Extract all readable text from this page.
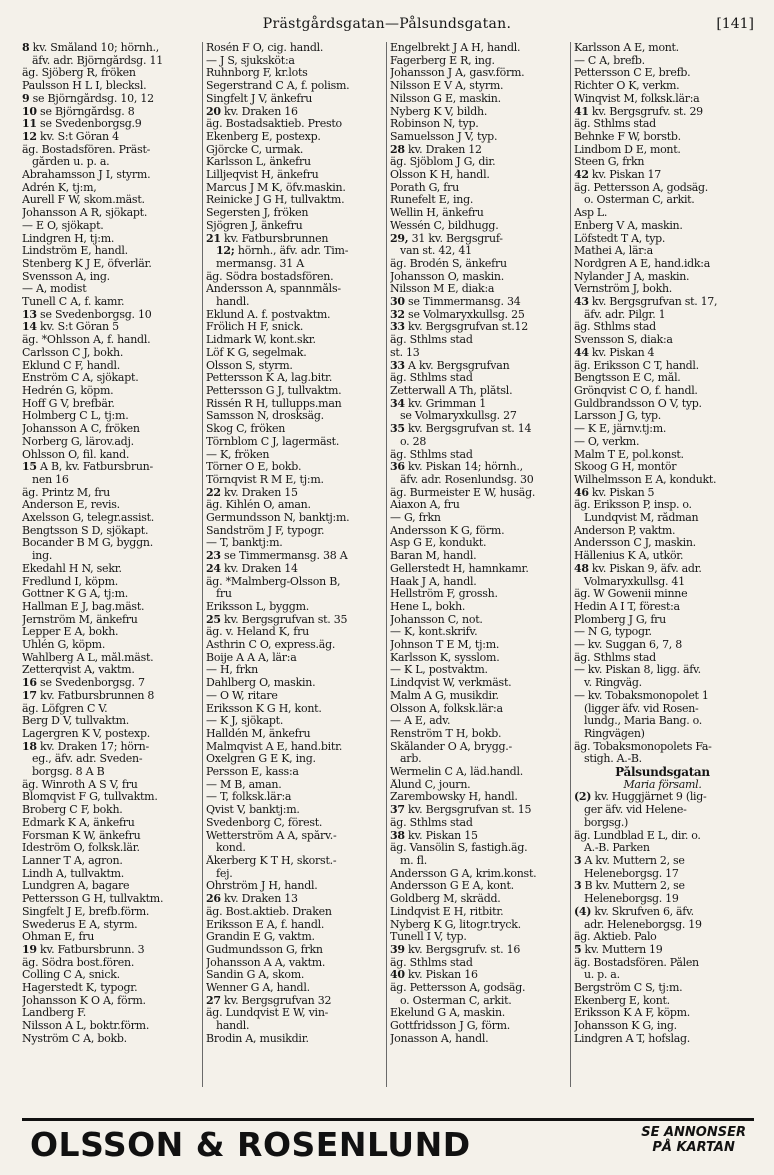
Prästgårdsgatan—Pålsundsgatan.	[141]
8 kv. Småland 10; hörnh.,
äfv. adr. Björngårdsg. 11
äg. Sjöberg R, fröken
Paulsson H L I, blecksl.
9 se Björngårdsg. 10, 12
10 se Björngårdsg. 8
11 se Svedenborgsg.9
12 kv. S:t Göran 4
äg. Bostadsfören. Präst-
gården u. p. a.
Abrahamsson J I, styrm.
Adrén K, tj:m,
Aurell F W, skom.mäst.
Johansson A R, sjökapt.
— E O, sjökapt.
Lindgren H, tj:m.
Lindström E, handl.
Stenberg K J E, öfverlär.
Svensson A, ing.
— A, modist
Tunell C A, f. kamr.
13 se Svedenborgsg. 10
14 kv. S:t Göran 5
äg. *Ohlsson A, f. handl.
Carlsson C J, bokh.
Eklund C F, handl.
Enström C A, sjökapt.
Hedrén G, köpm.
Hoff G V, brefbär.
Holmberg C L, tj:m.
Johansson A C, fröken
Norberg G, lärov.adj.
Ohlsson O, fil. kand.
15 A B, kv. Fatbursbrun-
nen 16
äg. Printz M, fru
Anderson E, revis.
Axelsson G, telegr.assist.
Bengtsson S D, sjökapt.
Bocander B M G, byggn.
ing.
Ekedahl H N, sekr.
Fredlund I, köpm.
Gottner K G A, tj:m.
Hallman E J, bag.mäst.
Jernström M, änkefru
Lepper E A, bokh.
Uhlén G, köpm.
Wahlberg A L, mål.mäst.
Zetterqvist A, vaktm.
16 se Svedenborgsg. 7
17 kv. Fatbursbrunnen 8
äg. Löfgren C V.
Berg D V, tullvaktm.
Lagergren K V, postexp.
18 kv. Draken 17; hörn-
eg., äfv. adr. Sveden-
borgsg. 8 A B
äg. Winroth A S V, fru
Blomqvist F G, tullvaktm.
Broberg C F, bokh.
Edmark K A, änkefru
Forsman K W, änkefru
Ideström O, folksk.lär.
Lanner T A, agron.
Lindh A, tullvaktm.
Lundgren A, bagare
Pettersson G H, tullvaktm.
Singfelt J E, brefb.förm.
Swederus E A, styrm.
Öhman E, fru
19 kv. Fatbursbrunn. 3
äg. Södra bost.fören.
Colling C A, snick.
Hagerstedt K, typogr.
Johansson K O A, förm.
Landberg F.
Nilsson A L, boktr.förm.
Nyström C A, bokb.
Rosén F O, cig. handl.
— J S, sjuksköt:a
Ruhnborg F, kr.lots
Segerstrand C A, f. polism.
Singfelt J V, änkefru
20 kv. Draken 16
äg. Bostadsaktieb. Presto
Ekenberg E, postexp.
Gjörcke C, urmak.
Karlsson L, änkefru
Lilljeqvist H, änkefru
Marcus J M K, öfv.maskin.
Reinicke J G H, tullvaktm.
Segersten J, fröken
Sjögren J, änkefru
21 kv. Fatbursbrunnen
12; hörnh., äfv. adr. Tim-
mermansg. 31 A
äg. Södra bostadsfören.
Andersson A, spannmåls-
handl.
Eklund A. f. postvaktm.
Frölich H F, snick.
Lidmark W, kont.skr.
Löf K G, segelmak.
Olsson S, styrm.
Pettersson K A, lag.bitr.
Pettersson G J, tullvaktm.
Rissén R H, tullupps.man
Samsson N, drosksäg.
Skog C, fröken
Törnblom C J, lagermäst.
— K, fröken
Törner O E, bokb.
Törnqvist R M E, tj:m.
22 kv. Draken 15
äg. Kihlén O, aman.
Germundsson N, banktj:m.
Sandström J F, typogr.
— T, banktj:m.
23 se Timmermansg. 38 A
24 kv. Draken 14
äg. *Malmberg-Olsson B,
fru
Eriksson L, byggm.
25 kv. Bergsgrufvan st. 35
äg. v. Heland K, fru
Asthrin C O, express.äg.
Boije A A A, lär:a
— H, frkn
Dahlberg O, maskin.
— O W, ritare
Eriksson K G H, kont.
— K J, sjökapt.
Halldén M, änkefru
Malmqvist A E, hand.bitr.
Oxelgren G E K, ing.
Persson E, kass:a
— M B, aman.
— T, folksk.lär:a
Qvist V, banktj:m.
Svedenborg C, förest.
Wetterström A A, spårv.-
kond.
Åkerberg K T H, skorst.-
fej.
Öhrström J H, handl.
26 kv. Draken 13
äg. Bost.aktieb. Draken
Eriksson E A, f. handl.
Grandin E G, vaktm.
Gudmundsson G, frkn
Johansson A A, vaktm.
Sandin G A, skom.
Wenner G A, handl.
27 kv. Bergsgrufvan 32
äg. Lundqvist E W, vin-
handl.
Brodin A, musikdir.
Engelbrekt J A H, handl.
Fagerberg E R, ing.
Johansson J A, gasv.förm.
Nilsson E V A, styrm.
Nilsson G E, maskin.
Nyberg K V, bildh.
Robinson N, typ.
Samuelsson J V, typ.
28 kv. Draken 12
äg. Sjöblom J G, dir.
Olsson K H, handl.
Porath G, fru
Runefelt E, ing.
Wellin H, änkefru
Wessén C, bildhugg.
29, 31 kv. Bergsgruf-
van st. 42, 41
äg. Brodén S, änkefru
Johansson O, maskin.
Nilsson M E, diak:a
30 se Timmermansg. 34
32 se Volmaryxkullsg. 25
33 kv. Bergsgrufvan st.12
äg. Sthlms stad
st. 13
33 A kv. Bergsgrufvan
äg. Sthlms stad
Zetterwall A Th, plåtsl.
34 kv. Grimman 1
se Volmaryxkullsg. 27
35 kv. Bergsgrufvan st. 14
o. 28
äg. Sthlms stad
36 kv. Piskan 14; hörnh.,
äfv. adr. Rosenlundsg. 30
äg. Burmeister E W, husäg.
Aiaxon A, fru
— G, frkn
Andersson K G, förm.
Asp G E, kondukt.
Baran M, handl.
Gellerstedt H, hamnkamr.
Haak J A, handl.
Hellström F, grossh.
Hene L, bokh.
Johansson C, not.
— K, kont.skrifv.
Johnson T E M, tj:m.
Karlsson K, sysslom.
— K L, postvaktm.
Lindqvist W, verkmäst.
Malm A G, musikdir.
Olsson A, folksk.lär:a
— A E, adv.
Renström T H, bokb.
Skålander O A, brygg.-
arb.
Wermelin C A, läd.handl.
Ålund C, journ.
Zarembowsky H, handl.
37 kv. Bergsgrufvan st. 15
äg. Sthlms stad
38 kv. Piskan 15
äg. Vansölin S, fastigh.äg.
m. fl.
Andersson G A, krim.konst.
Andersson G E A, kont.
Goldberg M, skrädd.
Lindqvist E H, ritbitr.
Nyberg K G, litogr.tryck.
Tunell I V, typ.
39 kv. Bergsgrufv. st. 16
äg. Sthlms stad
40 kv. Piskan 16
äg. Pettersson A, godsäg.
o. Österman C, arkit.
Ekelund G A, maskin.
Gottfridsson J G, förm.
Jonasson A, handl.
Karlsson A E, mont.
— C A, brefb.
Pettersson C E, brefb.
Richter O K, verkm.
Winqvist M, folksk.lär:a
41 kv. Bergsgrufv. st. 29
äg. Sthlms stad
Behnke F W, borstb.
Lindbom D E, mont.
Steen G, frkn
42 kv. Piskan 17
äg. Pettersson A, godsäg.
o. Österman C, arkit.
Asp L.
Enberg V A, maskin.
Löfstedt T A, typ.
Mathei A, lär:a
Nordgren A E, hand.idk:a
Nylander J A, maskin.
Vernström J, bokh.
43 kv. Bergsgrufvan st. 17,
äfv. adr. Pilgr. 1
äg. Sthlms stad
Svensson S, diak:a
44 kv. Piskan 4
äg. Eriksson C T, handl.
Bengtsson E C, mål.
Grönqvist C O, f. handl.
Guldbrandsson O V, typ.
Larsson J G, typ.
— K E, järnv.tj:m.
— O, verkm.
Malm T E, pol.konst.
Skoog G H, montör
Wilhelmsson E A, kondukt.
46 kv. Piskan 5
äg. Eriksson P, insp. o.
Lundqvist M, rådman
Anderson P, vaktm.
Andersson C J, maskin.
Hällenius K A, utkör.
48 kv. Piskan 9, äfv. adr.
Volmaryxkullsg. 41
äg. W Gowenii minne
Hedin A I T, förest:a
Plomberg J G, fru
— N G, typogr.
— kv. Suggan 6, 7, 8
äg. Sthlms stad
— kv. Piskan 8, ligg. äfv.
v. Ringväg.
— kv. Tobaksmonopolet 1
(ligger äfv. vid Rosen-
lundg., Maria Bang. o.
Ringvägen)
äg. Tobaksmonopolets Fa-
stigh. A.-B.
Pålsundsgatan
Maria församl.
(2) kv. Huggjärnet 9 (lig-
ger äfv. vid Helene-
borgsg.)
äg. Lundblad E L, dir. o.
A.-B. Parken
3 A kv. Muttern 2, se
Heleneborgsg. 17
3 B kv. Muttern 2, se
Heleneborgsg. 19
(4) kv. Skrufven 6, äfv.
adr. Heleneborgsg. 19
äg. Aktieb. Palo
5 kv. Muttern 19
äg. Bostadsfören. Pålen
u. p. a.
Bergström C S, tj:m.
Ekenberg E, kont.
Eriksson K A F, köpm.
Johansson K G, ing.
Lindgren A T, hofslag.
OLSSON & ROSENLUND	SE ANNONSER
PÅ KARTAN
